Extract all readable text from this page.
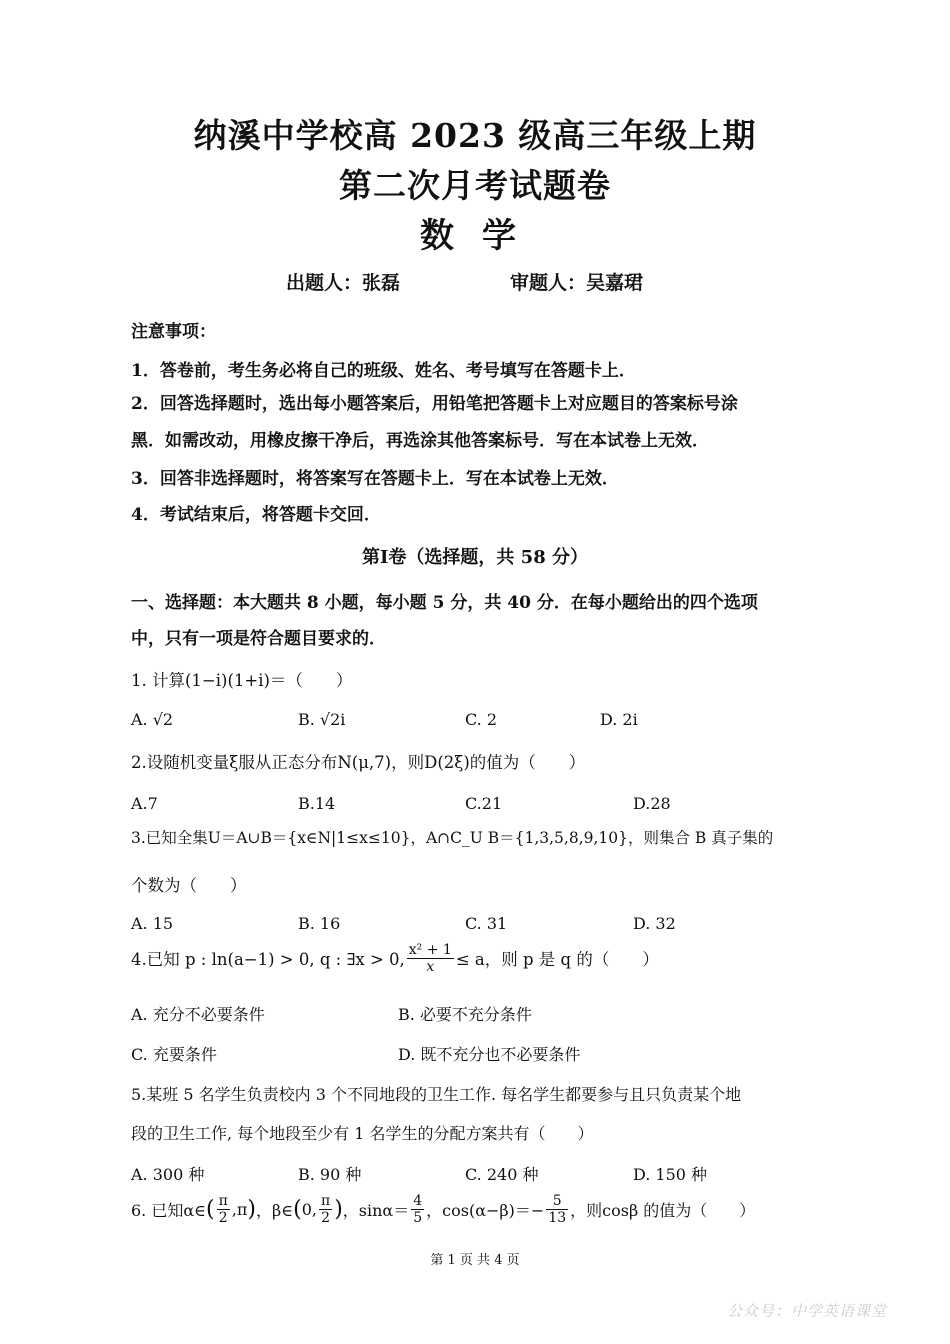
纳溪中学校高 2023 级高三年级上期
第二次月考试题卷
数学
出题人：张磊	审题人：吴嘉珺
注意事项：
1．答卷前，考生务必将自己的班级、姓名、考号填写在答题卡上．
2．回答选择题时，选出每小题答案后，用铅笔把答题卡上对应题目的答案标号涂
黑．如需改动，用橡皮擦干净后，再选涂其他答案标号．写在本试卷上无效．
3．回答非选择题时，将答案写在答题卡上．写在本试卷上无效．
4．考试结束后，将答题卡交回．
第Ⅰ卷（选择题，共 58 分）
一、选择题：本大题共 8 小题，每小题 5 分，共 40 分．在每小题给出的四个选项
中，只有一项是符合题目要求的．
1. 计算(1−i)(1+i)＝（　　）
A. √2	B. √2i	C. 2	D. 2i
2.设随机变量ξ服从正态分布N(μ,7)，则D(2ξ)的值为（　　）
A.7	B.14	C.21	D.28
3.已知全集U＝A∪B＝{x∈N|1≤x≤10}，A∩C_U B＝{1,3,5,8,9,10}，则集合 B 真子集的
个数为（　　）
A. 15	B. 16	C. 31	D. 32
4.已知 p : ln(a−1) > 0, q : ∃x > 0, $\frac{\text{x² + 1}}{x} \le a$，则 p 是 q 的（　　）
A. 充分不必要条件	B. 必要不充分条件
C. 充要条件	D. 既不充分也不必要条件
5.某班 5 名学生负责校内 3 个不同地段的卫生工作. 每名学生都要参与且只负责某个地
段的卫生工作, 每个地段至少有 1 名学生的分配方案共有（　　）
A. 300 种	B. 90 种	C. 240 种	D. 150 种
6. 已知α∈ ( $\frac{\pi}{2} ,\pi$ ) ，β∈ ( 0, $\frac{\pi}{2}$ ) ，$\sin\alpha= \frac{4}{5}$ ，$\cos(\alpha-\beta)=- \frac{5}{13}$ ，则cosβ 的值为（　　）
第 1 页 共 4 页
公众号：中学英语课堂
